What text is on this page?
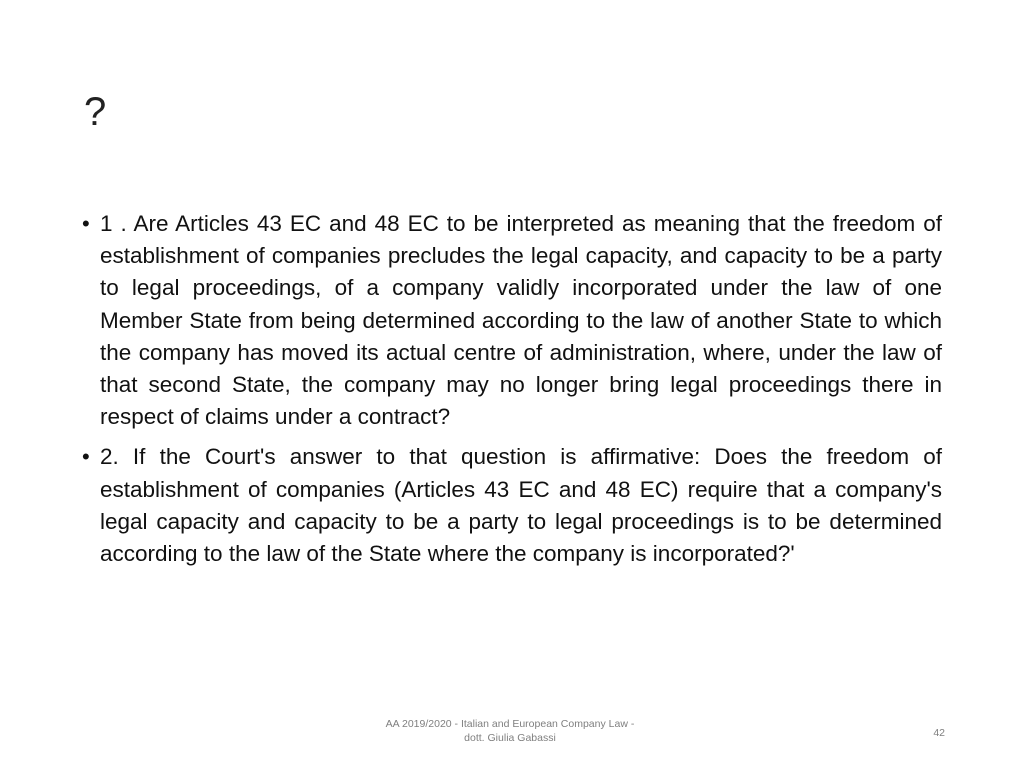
?
• 1 . Are Articles 43 EC and 48 EC to be interpreted as meaning that the freedom of establishment of companies precludes the legal capacity, and capacity to be a party to legal proceedings, of a company validly incorporated under the law of one Member State from being determined according to the law of another State to which the company has moved its actual centre of administration, where, under the law of that second State, the company may no longer bring legal proceedings there in respect of claims under a contract?
• 2. If the Court's answer to that question is affirmative: Does the freedom of establishment of companies (Articles 43 EC and 48 EC) require that a company's legal capacity and capacity to be a party to legal proceedings is to be determined according to the law of the State where the company is incorporated?'
AA 2019/2020 - Italian and European Company Law -
dott. Giulia Gabassi	42
